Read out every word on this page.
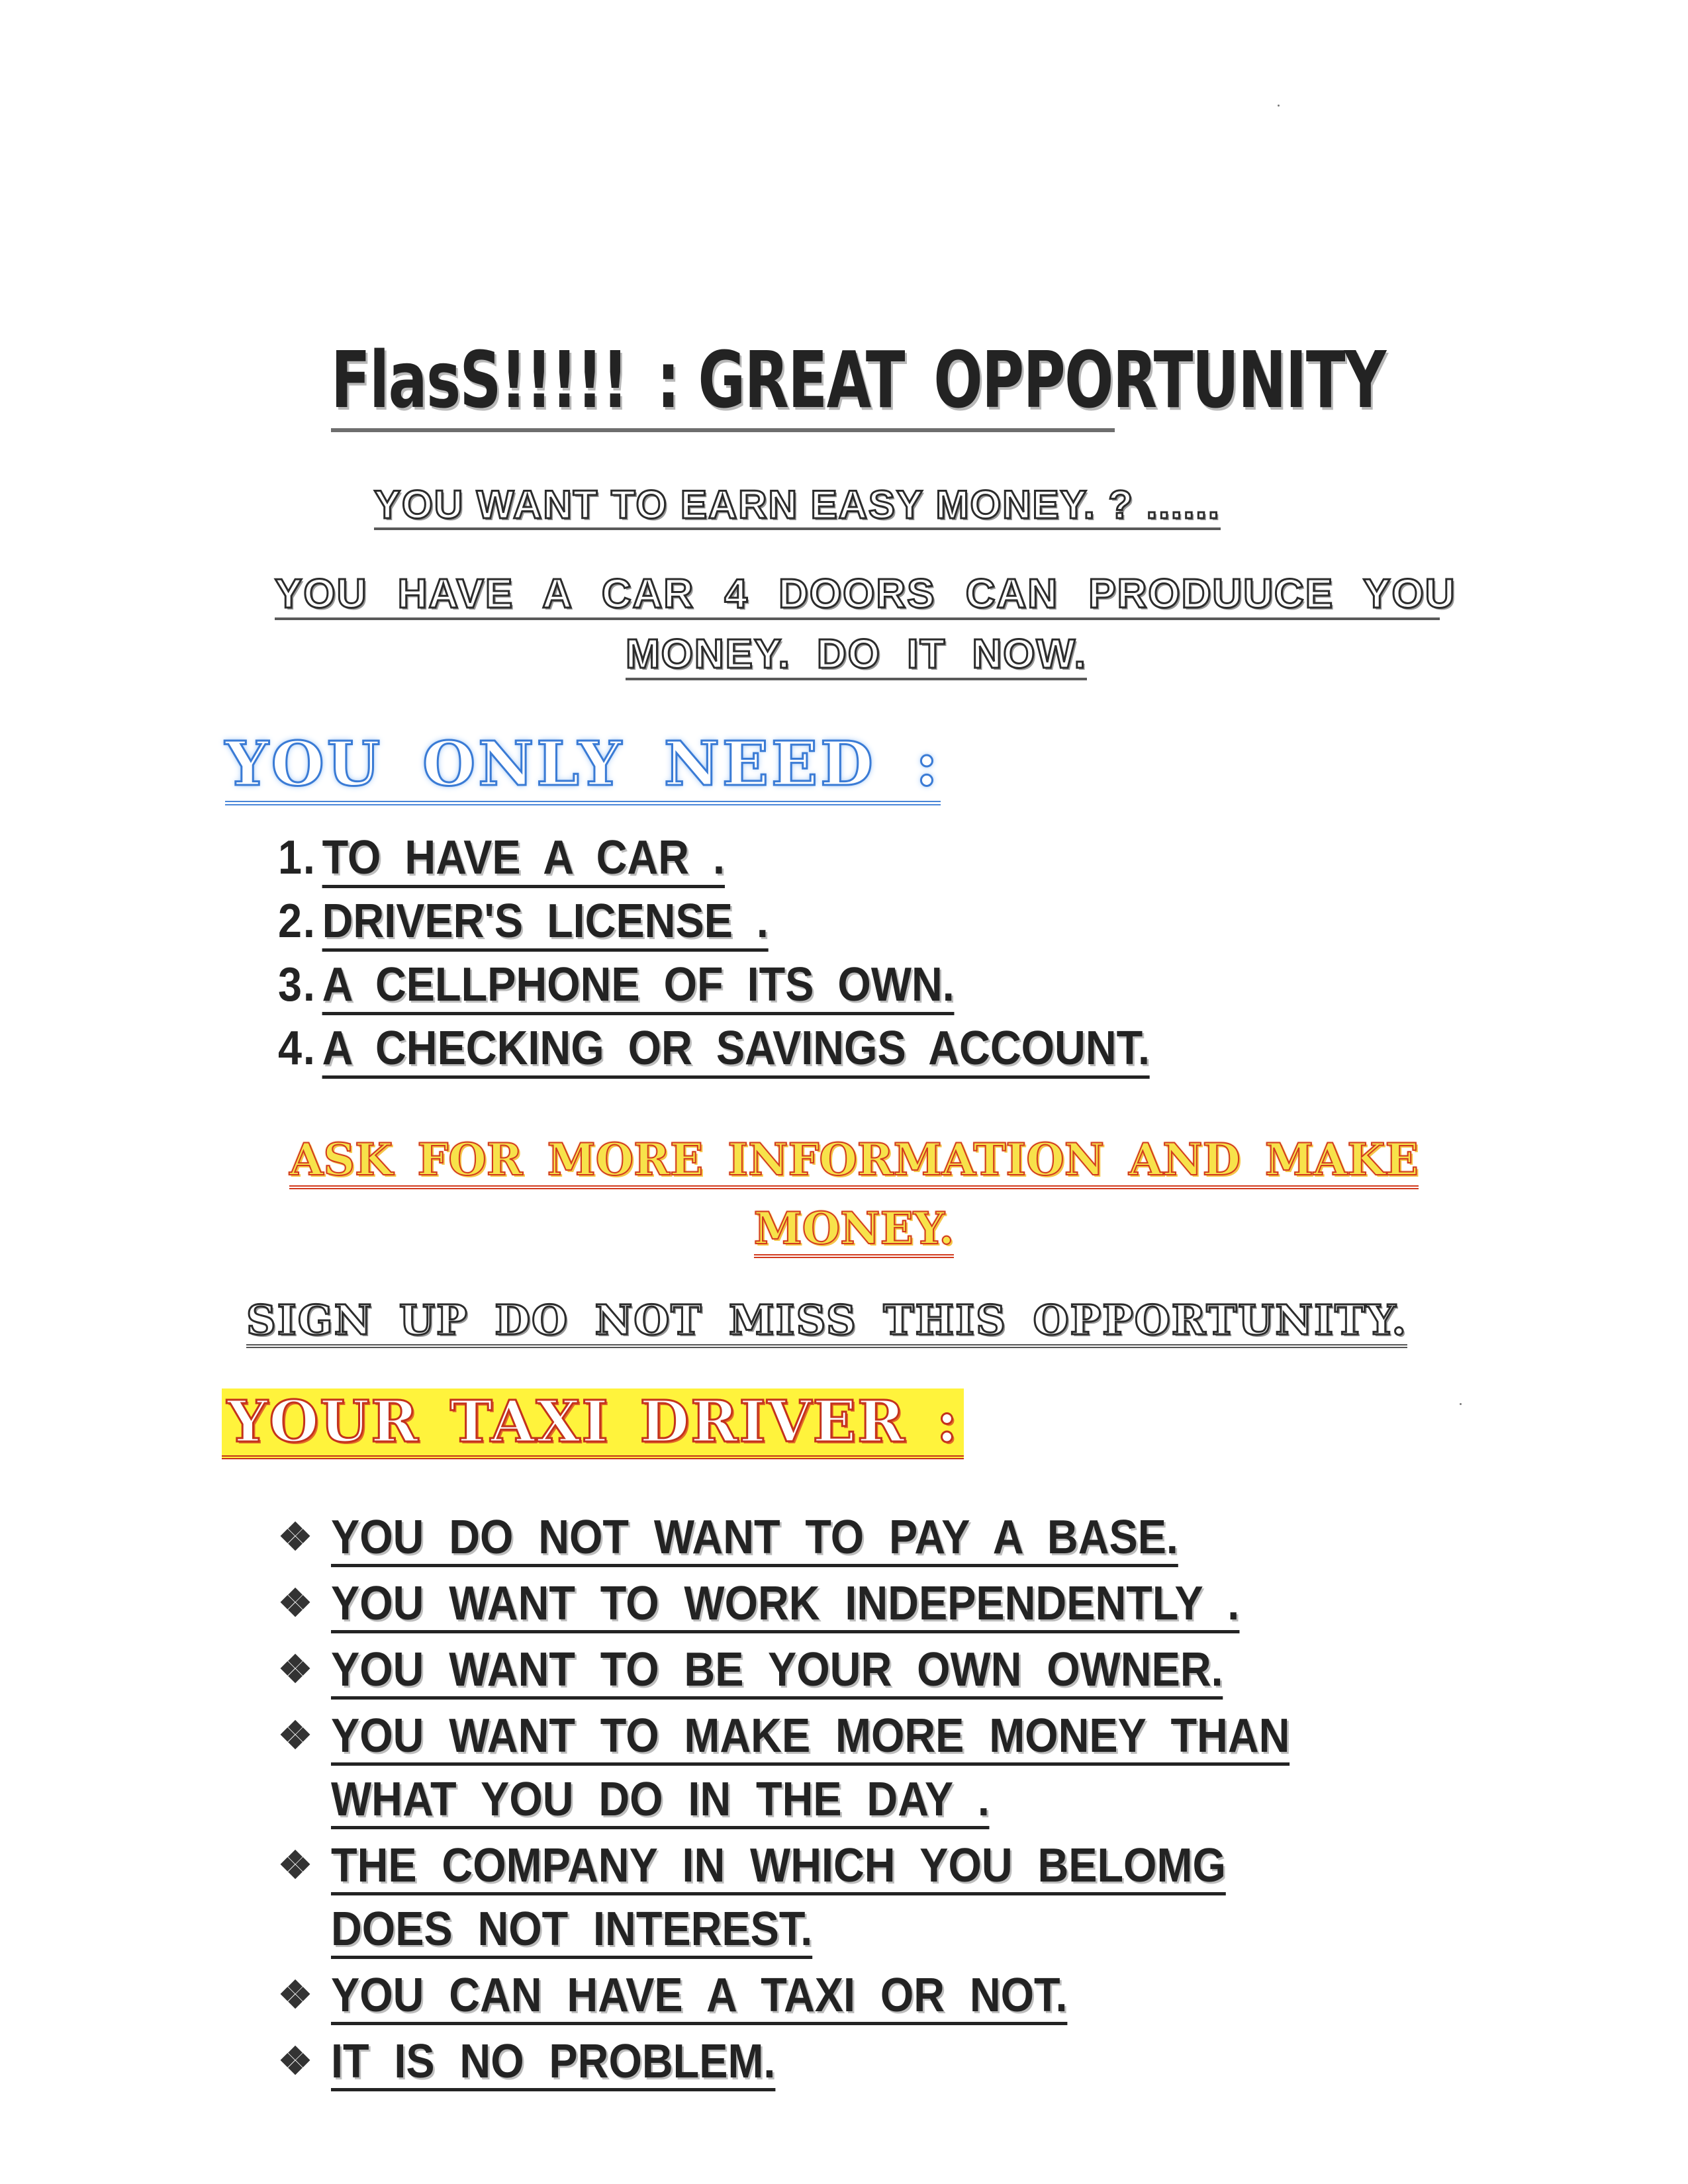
FlasS!!!!! : GREAT OPPORTUNITY

YOU WANT TO EARN EASY MONEY. ? ......

YOU HAVE A CAR 4 DOORS CAN PRODUUCE YOU

MONEY. DO IT NOW.

YOU ONLY NEED :
1. TO HAVE A CAR .
2. DRIVER'S LICENSE .
3. A CELLPHONE OF ITS OWN.
4. A CHECKING OR SAVINGS ACCOUNT.
ASK FOR MORE INFORMATION AND MAKE
MONEY.

SIGN UP DO NOT MISS THIS OPPORTUNITY.

YOUR TAXI DRIVER :
❖ YOU DO NOT WANT TO PAY A BASE.
❖ YOU WANT TO WORK INDEPENDENTLY .
❖ YOU WANT TO BE YOUR OWN OWNER.
❖ YOU WANT TO MAKE MORE MONEY THAN WHAT YOU DO IN THE DAY .
❖ THE COMPANY IN WHICH YOU BELOMG DOES NOT INTEREST.
❖ YOU CAN HAVE A TAXI OR NOT.
❖ IT IS NO PROBLEM.
